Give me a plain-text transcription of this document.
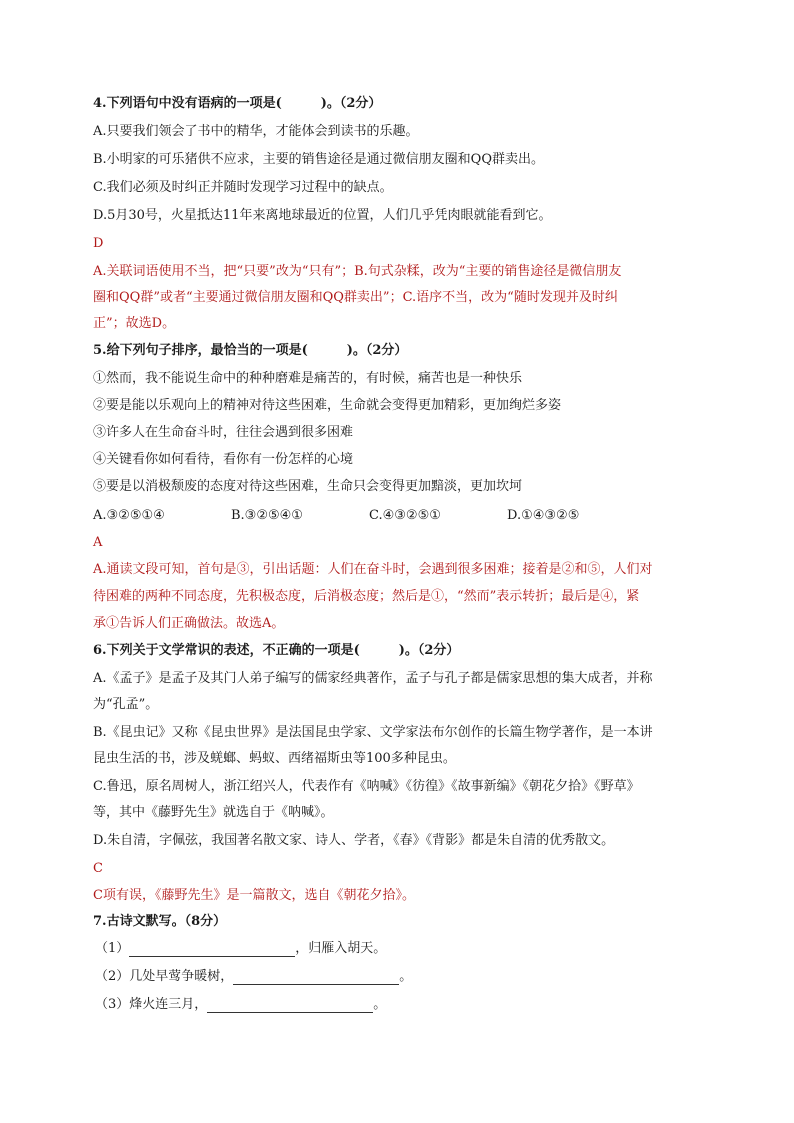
4.下列语句中没有语病的一项是(　　　)。（2分）
A.只要我们领会了书中的精华，才能体会到读书的乐趣。
B.小明家的可乐猪供不应求，主要的销售途径是通过微信朋友圈和QQ群卖出。
C.我们必须及时纠正并随时发现学习过程中的缺点。
D.5月30号，火星抵达11年来离地球最近的位置，人们几乎凭肉眼就能看到它。
D
A.关联词语使用不当，把“只要”改为“只有”；B.句式杂糅，改为“主要的销售途径是微信朋友
圈和QQ群”或者“主要通过微信朋友圈和QQ群卖出”；C.语序不当，改为“随时发现并及时纠
正”；故选D。
5.给下列句子排序，最恰当的一项是(　　　)。（2分）
①然而，我不能说生命中的种种磨难是痛苦的，有时候，痛苦也是一种快乐
②要是能以乐观向上的精神对待这些困难，生命就会变得更加精彩，更加绚烂多姿
③许多人在生命奋斗时，往往会遇到很多困难
④关键看你如何看待，看你有一份怎样的心境
⑤要是以消极颓废的态度对待这些困难，生命只会变得更加黯淡，更加坎坷
A.③②⑤①④	B.③②⑤④①	C.④③②⑤①	D.①④③②⑤
A
A.通读文段可知，首句是③，引出话题：人们在奋斗时，会遇到很多困难；接着是②和⑤，人们对
待困难的两种不同态度，先积极态度，后消极态度；然后是①，“然而”表示转折；最后是④，紧
承①告诉人们正确做法。故选A。
6.下列关于文学常识的表述，不正确的一项是(　　　)。（2分）
A.《孟子》是孟子及其门人弟子编写的儒家经典著作，孟子与孔子都是儒家思想的集大成者，并称
为“孔孟”。
B.《昆虫记》又称《昆虫世界》是法国昆虫学家、文学家法布尔创作的长篇生物学著作，是一本讲
昆虫生活的书，涉及蜣螂、蚂蚁、西绪福斯虫等100多种昆虫。
C.鲁迅，原名周树人，浙江绍兴人，代表作有《呐喊》《彷徨》《故事新编》《朝花夕拾》《野草》
等，其中《藤野先生》就选自于《呐喊》。
D.朱自清，字佩弦，我国著名散文家、诗人、学者，《春》《背影》都是朱自清的优秀散文。
C
C项有误，《藤野先生》是一篇散文，选自《朝花夕拾》。
7.古诗文默写。（8分）
（1）	，归雁入胡天。
（2）几处早莺争暖树，	。
（3）烽火连三月，	。
